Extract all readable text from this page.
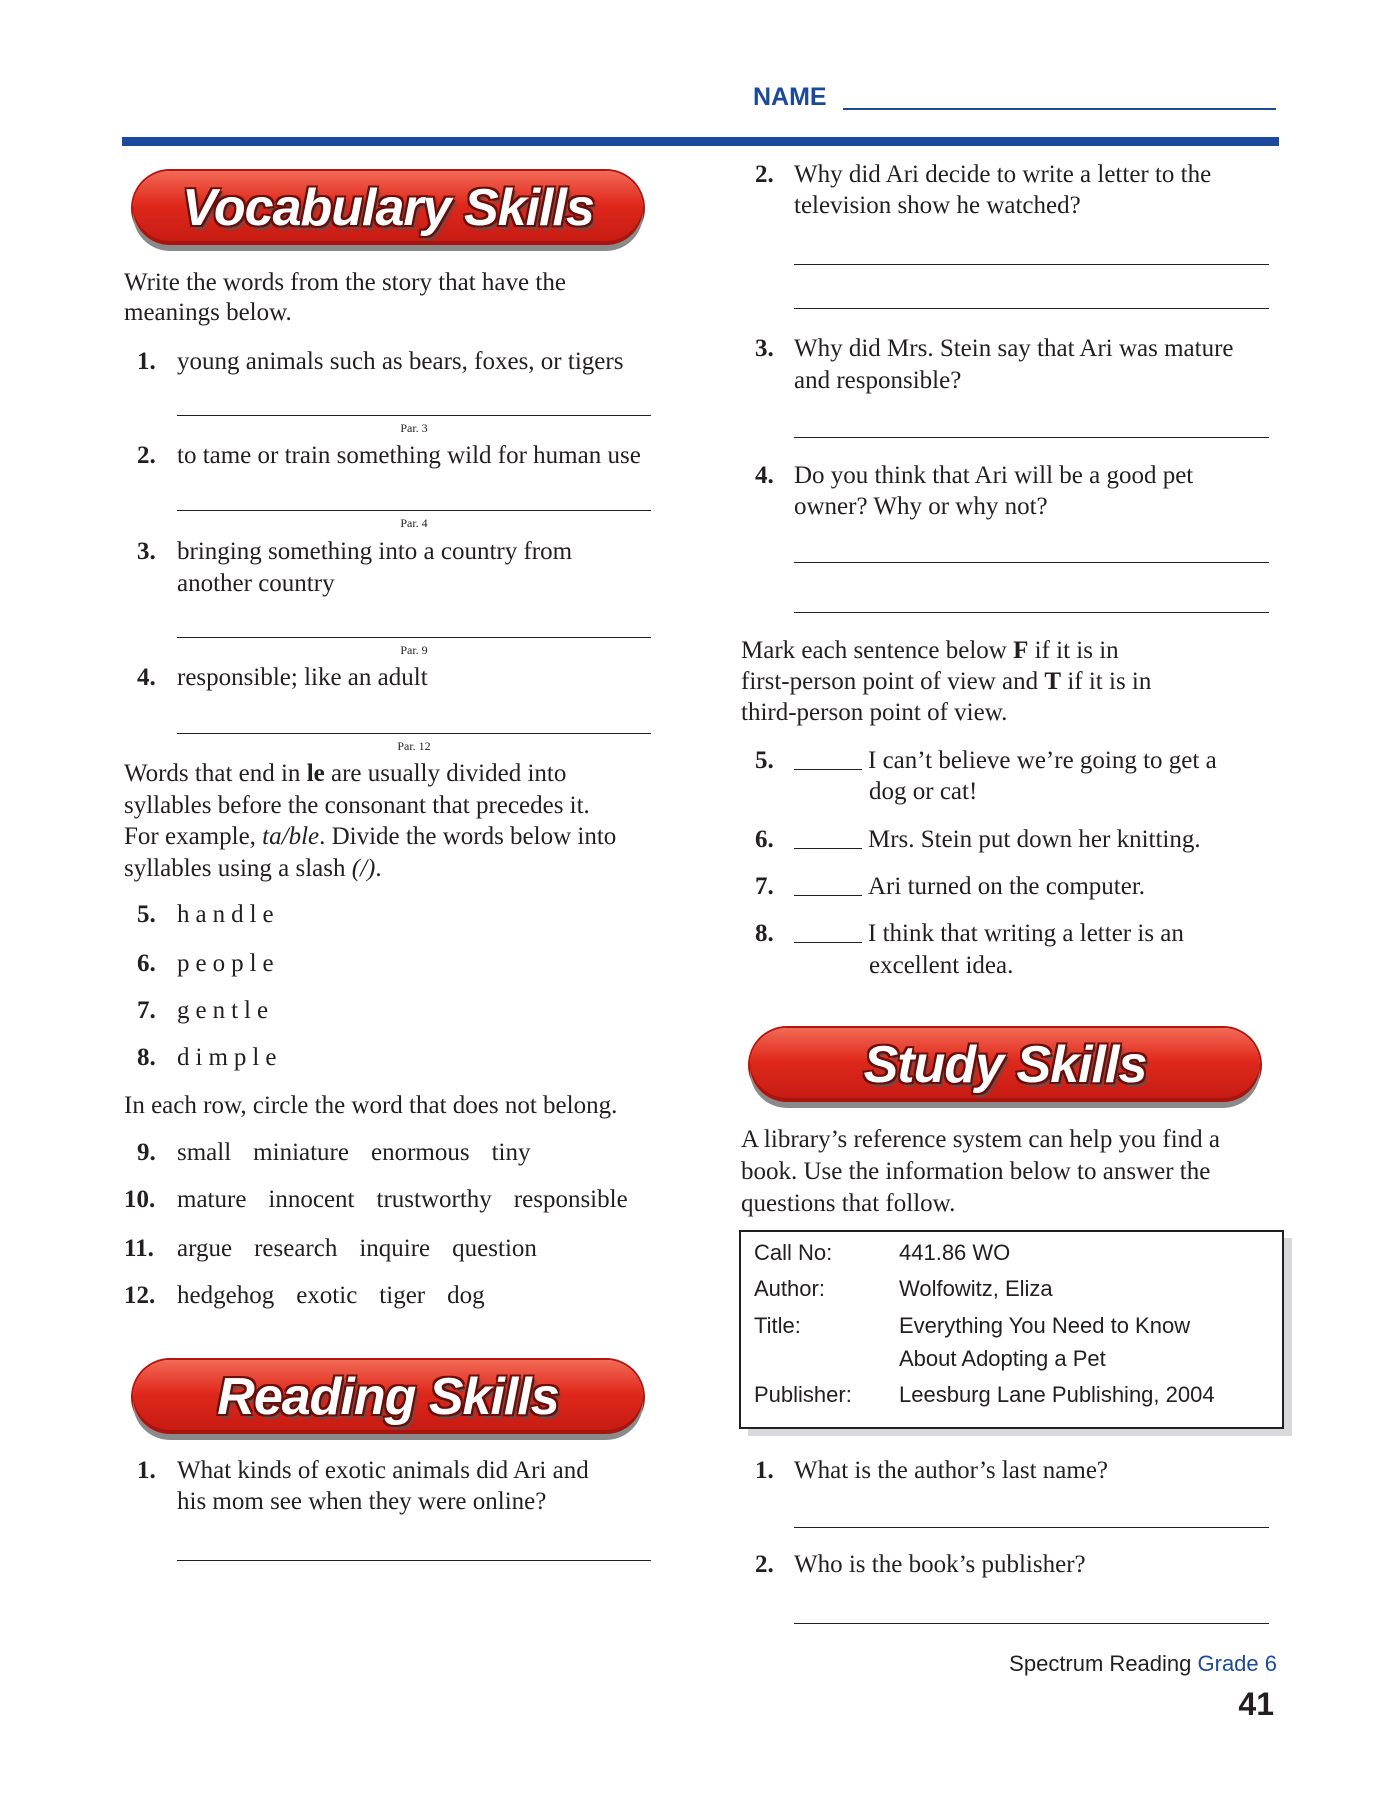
NAME
Vocabulary Skills
Write the words from the story that have the
meanings below.
1. young animals such as bears, foxes, or tigers
Par. 3
2. to tame or train something wild for human use
Par. 4
3. bringing something into a country from
another country
Par. 9
4. responsible; like an adult
Par. 12
Words that end in le are usually divided into
syllables before the consonant that precedes it.
For example, ta/ble. Divide the words below into
syllables using a slash (/).
5. handle
6. people
7. gentle
8. dimple
In each row, circle the word that does not belong.
9. small miniature enormous tiny
10. mature innocent trustworthy responsible
11. argue research inquire question
12. hedgehog exotic tiger dog
Reading Skills
1. What kinds of exotic animals did Ari and
his mom see when they were online?
2. Why did Ari decide to write a letter to the
television show he watched?
3. Why did Mrs. Stein say that Ari was mature
and responsible?
4. Do you think that Ari will be a good pet
owner? Why or why not?
Mark each sentence below F if it is in
first-person point of view and T if it is in
third-person point of view.
5.	I can’t believe we’re going to get a
dog or cat!
6.	Mrs. Stein put down her knitting.
7.	Ari turned on the computer.
8.	I think that writing a letter is an
excellent idea.
Study Skills
A library’s reference system can help you find a
book. Use the information below to answer the
questions that follow.
Call No:	441.86 WO
Author:	Wolfowitz, Eliza
Title:	Everything You Need to Know
About Adopting a Pet
Publisher: Leesburg Lane Publishing, 2004
1. What is the author’s last name?
2. Who is the book’s publisher?
Spectrum Reading Grade 6
41
